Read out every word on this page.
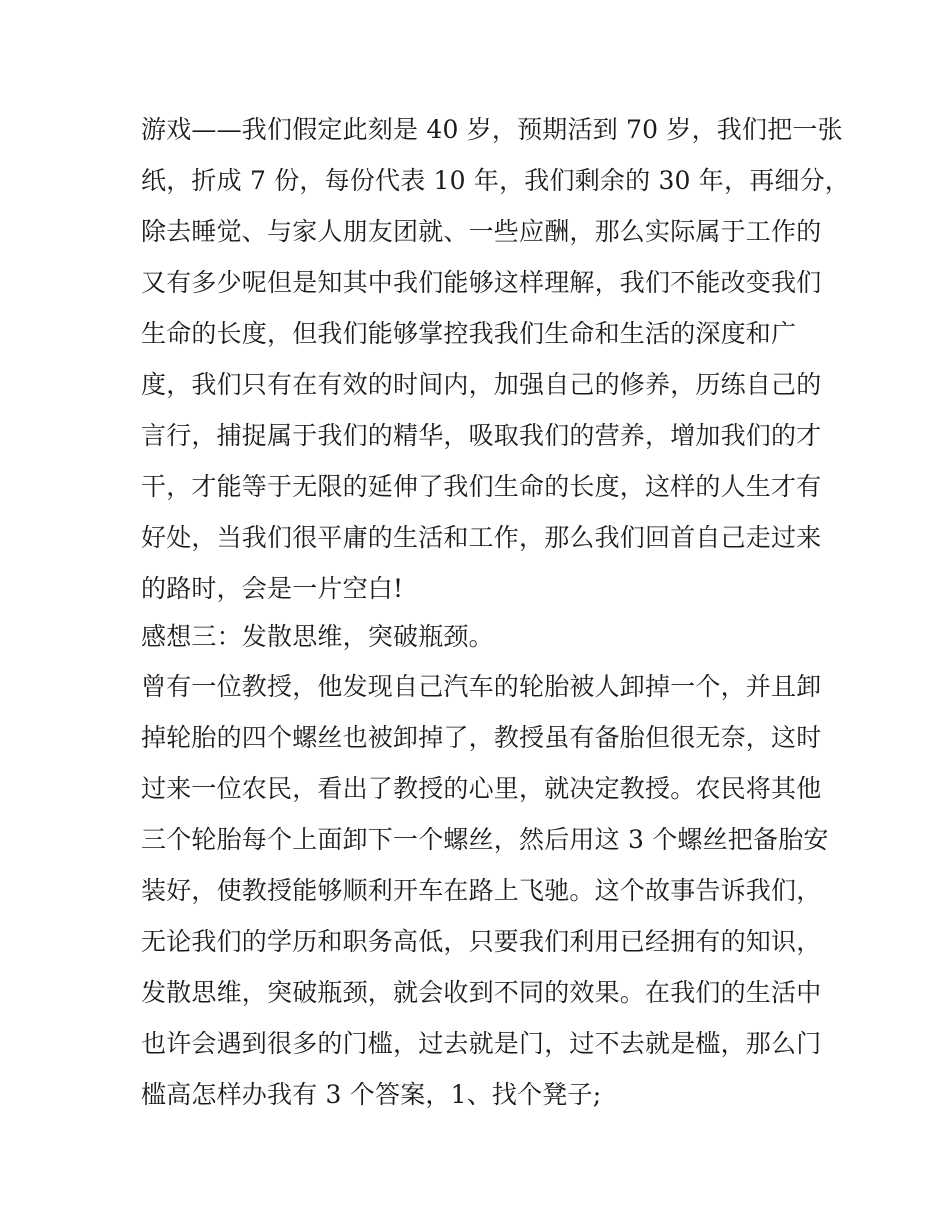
游戏——我们假定此刻是 40 岁，预期活到 70 岁，我们把一张
纸，折成 7 份，每份代表 10 年，我们剩余的 30 年，再细分，
除去睡觉、与家人朋友团就、一些应酬，那么实际属于工作的
又有多少呢但是知其中我们能够这样理解，我们不能改变我们
生命的长度，但我们能够掌控我我们生命和生活的深度和广
度，我们只有在有效的时间内，加强自己的修养，历练自己的
言行，捕捉属于我们的精华，吸取我们的营养，增加我们的才
干，才能等于无限的延伸了我们生命的长度，这样的人生才有
好处，当我们很平庸的生活和工作，那么我们回首自己走过来
的路时，会是一片空白!
感想三：发散思维，突破瓶颈。
曾有一位教授，他发现自己汽车的轮胎被人卸掉一个，并且卸
掉轮胎的四个螺丝也被卸掉了，教授虽有备胎但很无奈，这时
过来一位农民，看出了教授的心里，就决定教授。农民将其他
三个轮胎每个上面卸下一个螺丝，然后用这 3 个螺丝把备胎安
装好，使教授能够顺利开车在路上飞驰。这个故事告诉我们，
无论我们的学历和职务高低，只要我们利用已经拥有的知识，
发散思维，突破瓶颈，就会收到不同的效果。在我们的生活中
也许会遇到很多的门槛，过去就是门，过不去就是槛，那么门
槛高怎样办我有 3 个答案，1、找个凳子;
